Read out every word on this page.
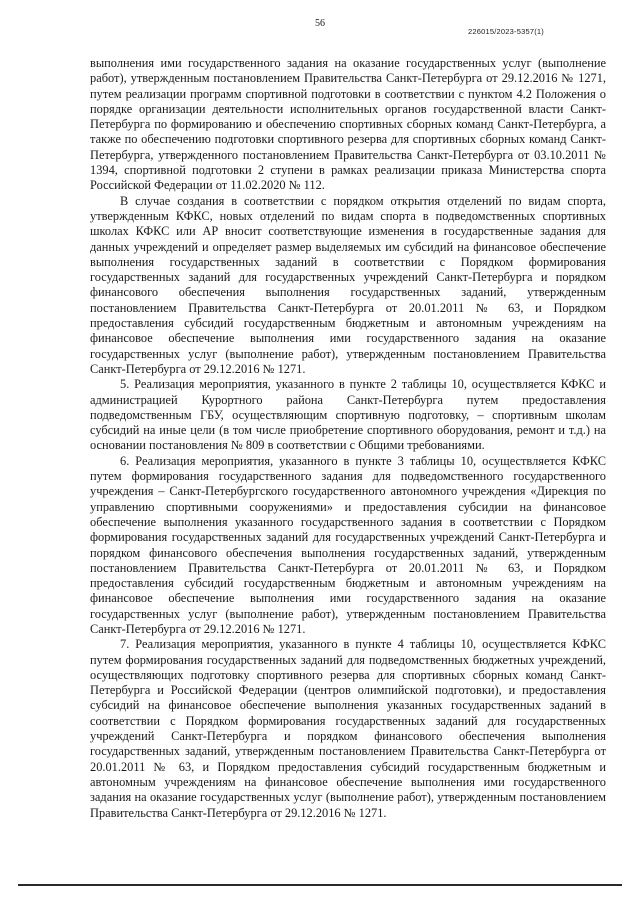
56
226015/2023-5357(1)

выполнения ими государственного задания на оказание государственных услуг (выполнение работ), утвержденным постановлением Правительства Санкт-Петербурга от 29.12.2016 № 1271, путем реализации программ спортивной подготовки в соответствии с пунктом 4.2 Положения о порядке организации деятельности исполнительных органов государственной власти Санкт-Петербурга по формированию и обеспечению спортивных сборных команд Санкт-Петербурга, а также по обеспечению подготовки спортивного резерва для спортивных сборных команд Санкт-Петербурга, утвержденного постановлением Правительства Санкт-Петербурга от 03.10.2011 № 1394, спортивной подготовки 2 ступени в рамках реализации приказа Министерства спорта Российской Федерации от 11.02.2020 № 112.

В случае создания в соответствии с порядком открытия отделений по видам спорта, утвержденным КФКС, новых отделений по видам спорта в подведомственных спортивных школах КФКС или АР вносит соответствующие изменения в государственные задания для данных учреждений и определяет размер выделяемых им субсидий на финансовое обеспечение выполнения государственных заданий в соответствии с Порядком формирования государственных заданий для государственных учреждений Санкт-Петербурга и порядком финансового обеспечения выполнения государственных заданий, утвержденным постановлением Правительства Санкт-Петербурга от 20.01.2011 № 63, и Порядком предоставления субсидий государственным бюджетным и автономным учреждениям на финансовое обеспечение выполнения ими государственного задания на оказание государственных услуг (выполнение работ), утвержденным постановлением Правительства Санкт-Петербурга от 29.12.2016 № 1271.

5. Реализация мероприятия, указанного в пункте 2 таблицы 10, осуществляется КФКС и администрацией Курортного района Санкт-Петербурга путем предоставления подведомственным ГБУ, осуществляющим спортивную подготовку, – спортивным школам субсидий на иные цели (в том числе приобретение спортивного оборудования, ремонт и т.д.) на основании постановления № 809 в соответствии с Общими требованиями.

6. Реализация мероприятия, указанного в пункте 3 таблицы 10, осуществляется КФКС путем формирования государственного задания для подведомственного государственного учреждения – Санкт-Петербургского государственного автономного учреждения «Дирекция по управлению спортивными сооружениями» и предоставления субсидии на финансовое обеспечение выполнения указанного государственного задания в соответствии с Порядком формирования государственных заданий для государственных учреждений Санкт-Петербурга и порядком финансового обеспечения выполнения государственных заданий, утвержденным постановлением Правительства Санкт-Петербурга от 20.01.2011 № 63, и Порядком предоставления субсидий государственным бюджетным и автономным учреждениям на финансовое обеспечение выполнения ими государственного задания на оказание государственных услуг (выполнение работ), утвержденным постановлением Правительства Санкт-Петербурга от 29.12.2016 № 1271.

7. Реализация мероприятия, указанного в пункте 4 таблицы 10, осуществляется КФКС путем формирования государственных заданий для подведомственных бюджетных учреждений, осуществляющих подготовку спортивного резерва для спортивных сборных команд Санкт-Петербурга и Российской Федерации (центров олимпийской подготовки), и предоставления субсидий на финансовое обеспечение выполнения указанных государственных заданий в соответствии с Порядком формирования государственных заданий для государственных учреждений Санкт-Петербурга и порядком финансового обеспечения выполнения государственных заданий, утвержденным постановлением Правительства Санкт-Петербурга от 20.01.2011 № 63, и Порядком предоставления субсидий государственным бюджетным и автономным учреждениям на финансовое обеспечение выполнения ими государственного задания на оказание государственных услуг (выполнение работ), утвержденным постановлением Правительства Санкт-Петербурга от 29.12.2016 № 1271.
